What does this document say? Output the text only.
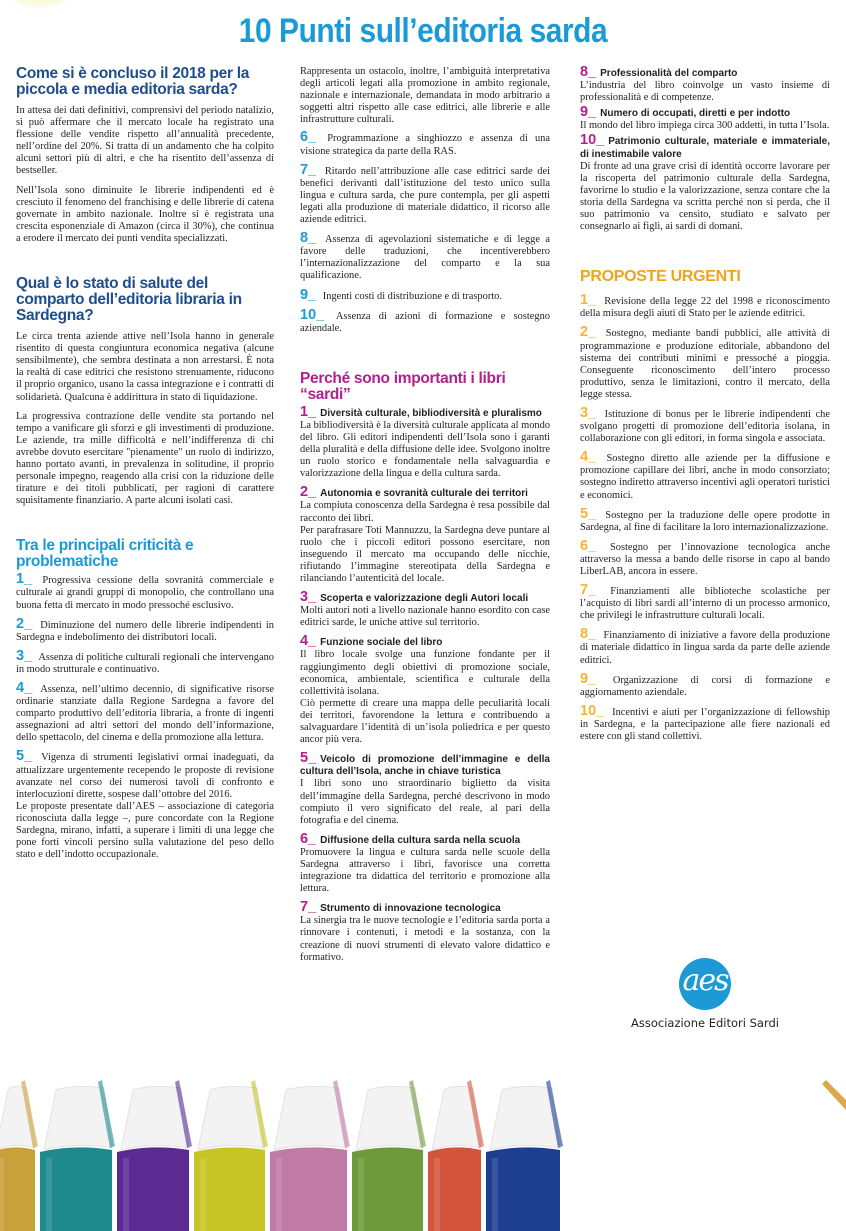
10 Punti sull’editoria sarda
Come si è concluso il 2018 per la piccola e media editoria sarda?

In attesa dei dati definitivi, comprensivi del periodo natalizio, si può affermare che il mercato locale ha registrato una flessione delle vendite rispetto all’annualità precedente, nell’ordine del 20%. Si tratta di un andamento che ha colpito alcuni settori più di altri, e che ha risentito dell’assenza di bestseller.

Nell’Isola sono diminuite le librerie indipendenti ed è cresciuto il fenomeno del franchising e delle librerie di catena governate in ambito nazionale. Inoltre si è registrata una crescita esponenziale di Amazon (circa il 30%), che continua a erodere il mercato dei punti vendita specializzati.

Qual è lo stato di salute del comparto dell’editoria libraria in Sardegna?

Le circa trenta aziende attive nell’Isola hanno in generale risentito di questa congiuntura economica negativa (alcune sensibilmente), che sembra destinata a non arrestarsi. È nota la realtà di case editrici che resistono strenuamente, riducono il proprio organico, usano la cassa integrazione e i contratti di solidarietà. Qualcuna è addirittura in stato di liquidazione.

La progressiva contrazione delle vendite sta portando nel tempo a vanificare gli sforzi e gli investimenti di produzione. Le aziende, tra mille difficoltà e nell’indifferenza di chi avrebbe dovuto esercitare "pienamente" un ruolo di indirizzo, hanno portato avanti, in prevalenza in solitudine, il proprio personale impegno, reagendo alla crisi con la riduzione delle tirature e dei titoli pubblicati, per ragioni di carattere squisitamente finanziario. A parte alcuni isolati casi.

Tra le principali criticità e problematiche
1_ Progressiva cessione della sovranità commerciale e culturale ai grandi gruppi di monopolio, che controllano una buona fetta di mercato in modo pressoché esclusivo.
2_ Diminuzione del numero delle librerie indipendenti in Sardegna e indebolimento dei distributori locali.
3_ Assenza di politiche culturali regionali che intervengano in modo strutturale e continuativo.
4_ Assenza, nell’ultimo decennio, di significative risorse ordinarie stanziate dalla Regione Sardegna a favore del comparto produttivo dell’editoria libraria, a fronte di ingenti assegnazioni ad altri settori del mondo dell’informazione, dello spettacolo, del cinema e della promozione alla lettura.
5_ Vigenza di strumenti legislativi ormai inadeguati, da attualizzare urgentemente recependo le proposte di revisione avanzate nel corso dei numerosi tavoli di confronto e interlocuzioni dirette, sospese dall’ottobre del 2016.

Le proposte presentate dall’AES – associazione di categoria riconosciuta dalla legge –, pure concordate con la Regione Sardegna, mirano, infatti, a superare i limiti di una legge che pone forti vincoli persino sulla valutazione del peso dello stato e dell’indotto occupazionale.

Rappresenta un ostacolo, inoltre, l’ambiguità interpretativa degli articoli legati alla promozione in ambito regionale, nazionale e internazionale, demandata in modo arbitrario a soggetti altri rispetto alle case editrici, alle librerie e alle infrastrutture culturali.

6_ Programmazione a singhiozzo e assenza di una visione strategica da parte della RAS.
7_ Ritardo nell’attribuzione alle case editrici sarde dei benefici derivanti dall’istituzione del testo unico sulla lingua e cultura sarda, che pure contempla, per gli aspetti legati alla produzione di materiale didattico, il ricorso alle aziende editrici.
8_ Assenza di agevolazioni sistematiche e di legge a favore delle traduzioni, che incentiverebbero l’internazionalizzazione del comparto e la sua qualificazione.
9_ Ingenti costi di distribuzione e di trasporto.
10_ Assenza di azioni di formazione e sostegno aziendale.
Perché sono importanti i libri “sardi”
1_ Diversità culturale, bibliodiversità e pluralismo
La bibliodiversità è la diversità culturale applicata al mondo del libro. Gli editori indipendenti dell’Isola sono i garanti della pluralità e della diffusione delle idee. Svolgono inoltre un ruolo storico e fondamentale nella salvaguardia e valorizzazione della lingua e della cultura sarda.
2_ Autonomia e sovranità culturale dei territori
La compiuta conoscenza della Sardegna è resa possibile dal racconto dei libri.
Per parafrasare Toti Mannuzzu, la Sardegna deve puntare al ruolo che i piccoli editori possono esercitare, non inseguendo il mercato ma occupando delle nicchie, rifiutando l’immagine stereotipata della Sardegna e rilanciando l’autenticità del locale.
3_ Scoperta e valorizzazione degli Autori locali
Molti autori noti a livello nazionale hanno esordito con case editrici sarde, le uniche attive sul territorio.
4_ Funzione sociale del libro
Il libro locale svolge una funzione fondante per il raggiungimento degli obiettivi di promozione sociale, economica, ambientale, scientifica e culturale della collettività isolana.
Ciò permette di creare una mappa delle peculiarità locali dei territori, favorendone la lettura e contribuendo a salvaguardare l’identità di un’isola poliedrica e per questo ancor più vera.
5_ Veicolo di promozione dell’immagine e della cultura dell’Isola, anche in chiave turistica
I libri sono uno straordinario biglietto da visita dell’immagine della Sardegna, perché descrivono in modo compiuto il vero significato del reale, al pari della fotografia e del cinema.
6_ Diffusione della cultura sarda nella scuola
Promuovere la lingua e cultura sarda nelle scuole della Sardegna attraverso i libri, favorisce una corretta integrazione tra didattica del territorio e promozione alla lettura.
7_ Strumento di innovazione tecnologica
La sinergia tra le nuove tecnologie e l’editoria sarda porta a rinnovare i contenuti, i metodi e la sostanza, con la creazione di nuovi strumenti di elevato valore didattico e formativo.
8_ Professionalità del comparto
L’industria del libro coinvolge un vasto insieme di professionalità e di competenze.
9_ Numero di occupati, diretti e per indotto
Il mondo del libro impiega circa 300 addetti, in tutta l’Isola.
10_ Patrimonio culturale, materiale e immateriale, di inestimabile valore
Di fronte ad una grave crisi di identità occorre lavorare per la riscoperta del patrimonio culturale della Sardegna, favorirne lo studio e la valorizzazione, senza contare che la storia della Sardegna va scritta perché non si perda, che il suo patrimonio va censito, studiato e salvato per consegnarlo ai figli, ai sardi di domani.
PROPOSTE URGENTI
1_ Revisione della legge 22 del 1998 e riconoscimento della misura degli aiuti di Stato per le aziende editrici.
2_ Sostegno, mediante bandi pubblici, alle attività di programmazione e produzione editoriale, abbandono del sistema dei contributi minimi e pressoché a pioggia. Conseguente riconoscimento dell’intero processo produttivo, senza le limitazioni, contro il mercato, della legge stessa.
3_ Istituzione di bonus per le librerie indipendenti che svolgano progetti di promozione dell’editoria isolana, in collaborazione con gli editori, in forma singola e associata.
4_ Sostegno diretto alle aziende per la diffusione e promozione capillare dei libri, anche in modo consorziato; sostegno indiretto attraverso incentivi agli operatori turistici e economici.
5_ Sostegno per la traduzione delle opere prodotte in Sardegna, al fine di facilitare la loro internazionalizzazione.
6_ Sostegno per l’innovazione tecnologica anche attraverso la messa a bando delle risorse in capo al bando LiberLAB, ancora in essere.
7_ Finanziamenti alle biblioteche scolastiche per l’acquisto di libri sardi all’interno di un processo armonico, che privilegi le infrastrutture culturali locali.
8_ Finanziamento di iniziative a favore della produzione di materiale didattico in lingua sarda da parte delle aziende editrici.
9_ Organizzazione di corsi di formazione e aggiornamento aziendale.
10_ Incentivi e aiuti per l’organizzazione di fellowship in Sardegna, e la partecipazione alle fiere nazionali ed estere con gli stand collettivi.
aes
Associazione Editori Sardi
